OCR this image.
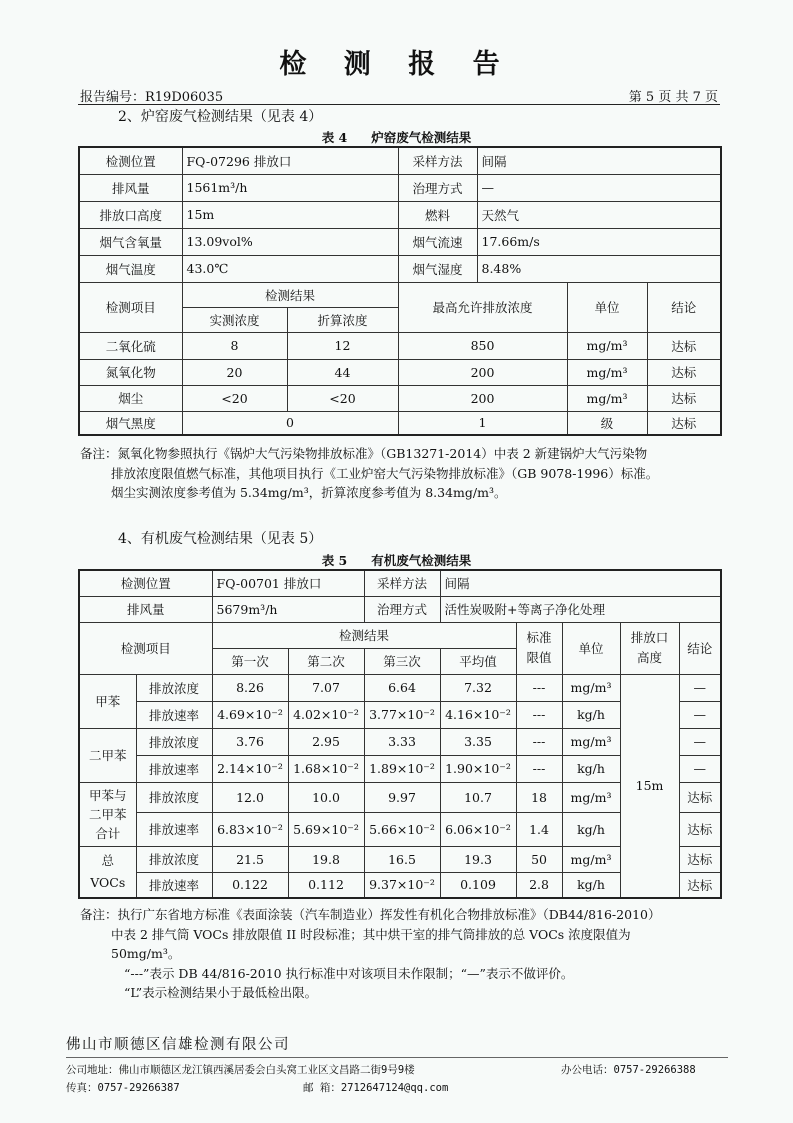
检 测 报 告
报告编号：R19D06035	第 5 页 共 7 页
2、炉窑废气检测结果（见表 4）
表 4 炉窑废气检测结果
检测位置	FQ-07296 排放口		采样方法	间隔		
排风量	1561m³/h		治理方式	—		
排放口高度	15m		燃料	天然气		
烟气含氧量	13.09vol%		烟气流速	17.66m/s		
烟气温度	43.0℃		烟气湿度	8.48%		
检测项目	检测结果		最高允许排放浓度		单位	结论
	实测浓度	折算浓度				
二氧化硫	8	12	850		mg/m³	达标
氮氧化物	20	44	200		mg/m³	达标
烟尘	<20	<20	200		mg/m³	达标
烟气黑度	0		1		级	达标

备注：氮氧化物参照执行《锅炉大气污染物排放标准》（GB13271-2014）中表 2 新建锅炉大气污染物

排放浓度限值燃气标准，其他项目执行《工业炉窑大气污染物排放标准》（GB 9078-1996）标准。

烟尘实测浓度参考值为 5.34mg/m³，折算浓度参考值为 8.34mg/m³。

4、有机废气检测结果（见表 5）
表 5 有机废气检测结果
检测位置		FQ-00701 排放口		采样方法	间隔				
排风量		5679m³/h		治理方式	活性炭吸附+等离子净化处理				
检测项目		检测结果				标准限值	单位	排放口高度	结论
		第一次	第二次	第三次	平均值				
甲苯	排放浓度	8.26	7.07	6.64	7.32	---	mg/m³	15m	—
	排放速率	4.69×10⁻²	4.02×10⁻²	3.77×10⁻²	4.16×10⁻²	---	kg/h		—
二甲苯	排放浓度	3.76	2.95	3.33	3.35	---	mg/m³		—
	排放速率	2.14×10⁻²	1.68×10⁻²	1.89×10⁻²	1.90×10⁻²	---	kg/h		—
甲苯与二甲苯合计	排放浓度	12.0	10.0	9.97	10.7	18	mg/m³		达标
	排放速率	6.83×10⁻²	5.69×10⁻²	5.66×10⁻²	6.06×10⁻²	1.4	kg/h		达标
总VOCs	排放浓度	21.5	19.8	16.5	19.3	50	mg/m³		达标
	排放速率	0.122	0.112	9.37×10⁻²	0.109	2.8	kg/h		达标

备注：执行广东省地方标准《表面涂装（汽车制造业）挥发性有机化合物排放标准》（DB44/816-2010）

中表 2 排气筒 VOCs 排放限值 II 时段标准；其中烘干室的排气筒排放的总 VOCs 浓度限值为

50mg/m³。

“---”表示 DB 44/816-2010 执行标准中对该项目未作限制；“—”表示不做评价。

“L”表示检测结果小于最低检出限。

佛山市顺德区信雄检测有限公司
公司地址：佛山市顺德区龙江镇西溪居委会白头窝工业区文昌路二街9号9楼	办公电话：0757-29266388
传真：0757-29266387	邮 箱：2712647124@qq.com
